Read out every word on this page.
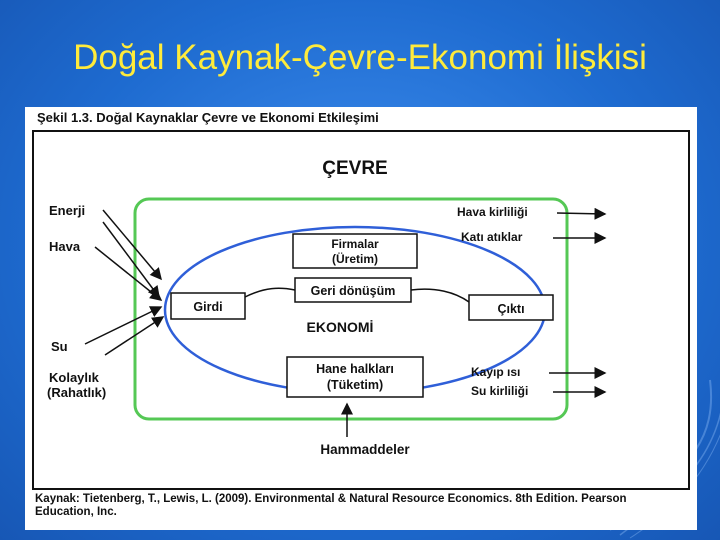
Doğal Kaynak-Çevre-Ekonomi İlişkisi
Şekil 1.3. Doğal Kaynaklar Çevre ve Ekonomi Etkileşimi
ÇEVRE
Enerji
Hava
Su
Kolaylık
(Rahatlık)
Firmalar
(Üretim)
Geri dönüşüm
Girdi	Çıktı
EKONOMİ
Hane halkları
(Tüketim)
Hava kirliliği
Katı atıklar
Kayıp ısı
Su kirliliği
Hammaddeler
Kaynak: Tietenberg, T., Lewis, L. (2009). Environmental & Natural Resource Economics. 8th Edition. Pearson
Education, Inc.
